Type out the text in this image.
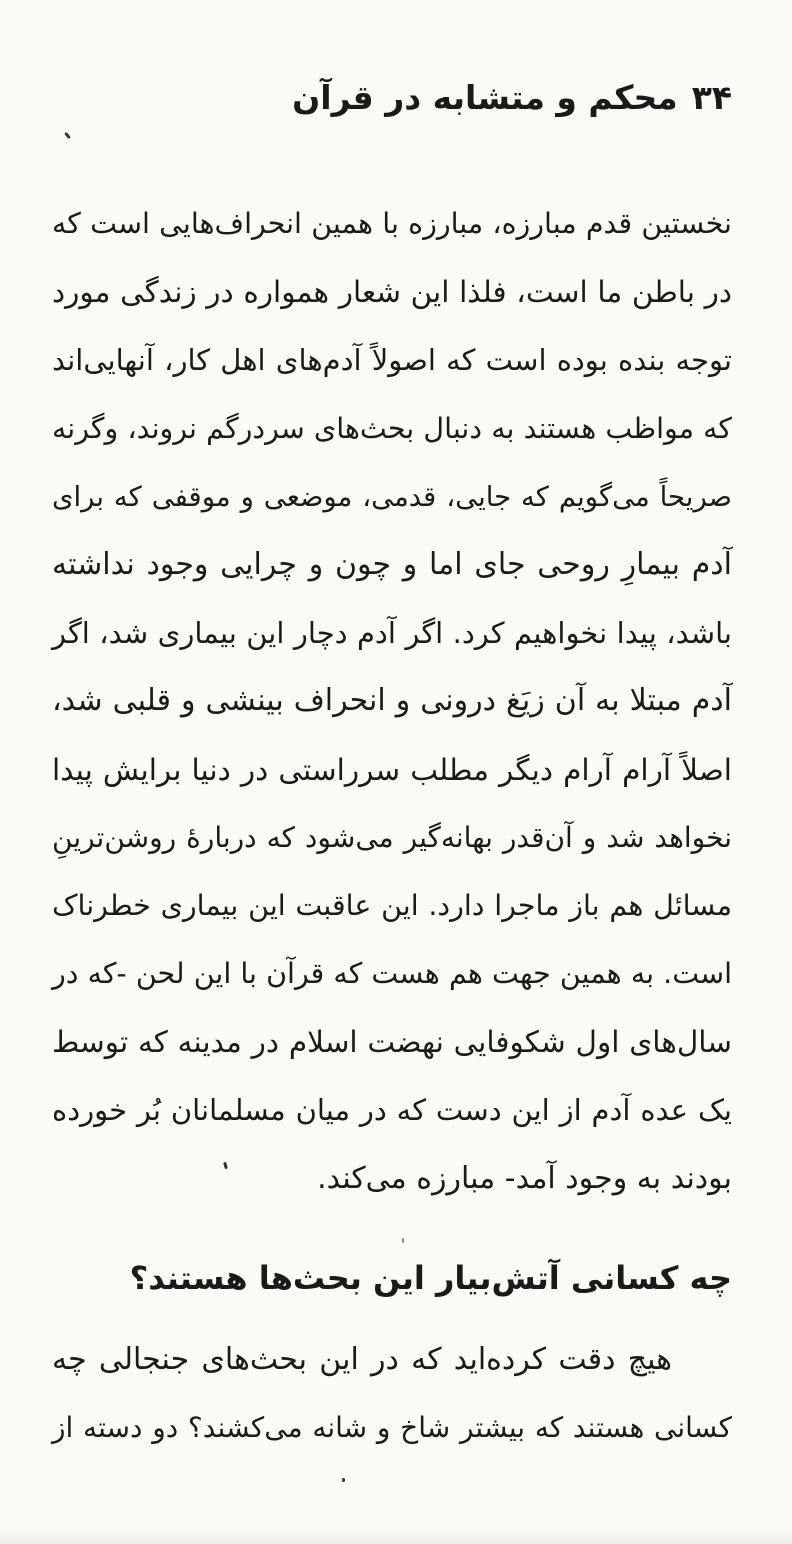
۳۴
محکم و متشابه در قرآن
نخستین قدم مبارزه، مبارزه با همین انحراف‌هایی است که
در باطن ما است، فلذا این شعار همواره در زندگی مورد
توجه بنده بوده است که اصولاً آدم‌های اهل کار، آنهایی‌اند
که مواظب هستند به دنبال بحث‌های سردرگم نروند، وگرنه
صریحاً می‌گویم که جایی، قدمی، موضعی و موقفی که برای
آدم بیمارِ روحی جای اما و چون و چرایی وجود نداشته
باشد، پیدا نخواهیم کرد. اگر آدم دچار این بیماری شد، اگر
آدم مبتلا به آن زیَغ درونی و انحراف بینشی و قلبی شد،
اصلاً آرام آرام دیگر مطلب سرراستی در دنیا برایش پیدا
نخواهد شد و آن‌قدر بهانه‌گیر می‌شود که دربارهٔ روشن‌ترینِ
مسائل هم باز ماجرا دارد. این عاقبت این بیماری خطرناک
است. به همین جهت هم هست که قرآن با این لحن -که در
سال‌های اول شکوفایی نهضت اسلام در مدینه که توسط
یک عده آدم از این دست که در میان مسلمانان بُر خورده
بودند به وجود آمد- مبارزه می‌کند.
چه کسانی آتش‌بیار این بحث‌ها هستند؟
هیچ دقت کرده‌اید که در این بحث‌های جنجالی چه
کسانی هستند که بیشتر شاخ و شانه می‌کشند؟ دو دسته از
